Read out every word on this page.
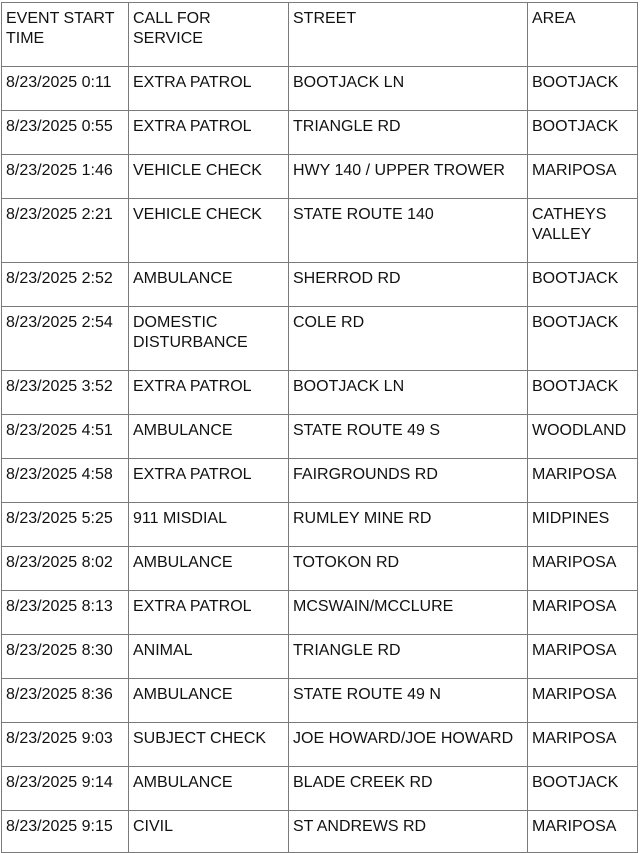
EVENT START TIME	CALL FOR SERVICE	STREET	AREA
8/23/2025 0:11	EXTRA PATROL	BOOTJACK LN	BOOTJACK
8/23/2025 0:55	EXTRA PATROL	TRIANGLE RD	BOOTJACK
8/23/2025 1:46	VEHICLE CHECK	HWY 140 / UPPER TROWER	MARIPOSA
8/23/2025 2:21	VEHICLE CHECK	STATE ROUTE 140	CATHEYS VALLEY
8/23/2025 2:52	AMBULANCE	SHERROD RD	BOOTJACK
8/23/2025 2:54	DOMESTIC DISTURBANCE	COLE RD	BOOTJACK
8/23/2025 3:52	EXTRA PATROL	BOOTJACK LN	BOOTJACK
8/23/2025 4:51	AMBULANCE	STATE ROUTE 49 S	WOODLAND
8/23/2025 4:58	EXTRA PATROL	FAIRGROUNDS RD	MARIPOSA
8/23/2025 5:25	911 MISDIAL	RUMLEY MINE RD	MIDPINES
8/23/2025 8:02	AMBULANCE	TOTOKON RD	MARIPOSA
8/23/2025 8:13	EXTRA PATROL	MCSWAIN/MCCLURE	MARIPOSA
8/23/2025 8:30	ANIMAL	TRIANGLE RD	MARIPOSA
8/23/2025 8:36	AMBULANCE	STATE ROUTE 49 N	MARIPOSA
8/23/2025 9:03	SUBJECT CHECK	JOE HOWARD/JOE HOWARD	MARIPOSA
8/23/2025 9:14	AMBULANCE	BLADE CREEK RD	BOOTJACK
8/23/2025 9:15	CIVIL	ST ANDREWS RD	MARIPOSA
